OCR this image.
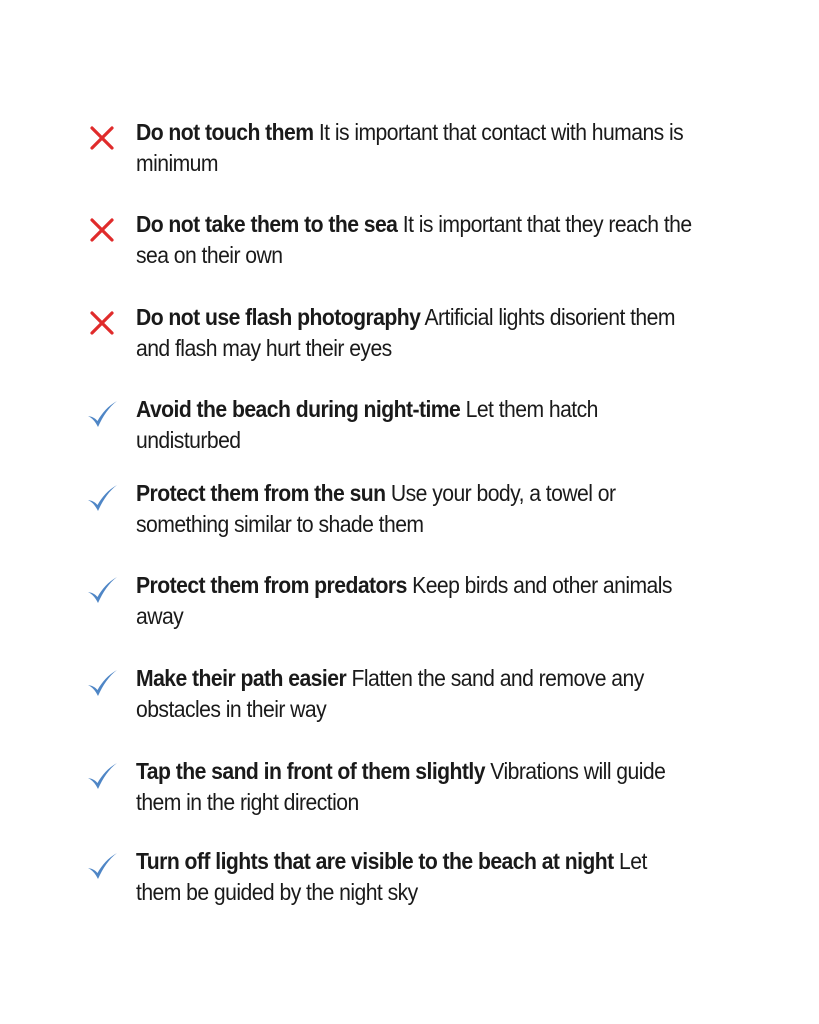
Do not touch them It is important that contact with humans is minimum
Do not take them to the sea It is important that they reach the sea on their own
Do not use flash photography Artificial lights disorient them and flash may hurt their eyes
Avoid the beach during night-time Let them hatch undisturbed
Protect them from the sun Use your body, a towel or something similar to shade them
Protect them from predators Keep birds and other animals away
Make their path easier Flatten the sand and remove any obstacles in their way
Tap the sand in front of them slightly Vibrations will guide them in the right direction
Turn off lights that are visible to the beach at night Let them be guided by the night sky
